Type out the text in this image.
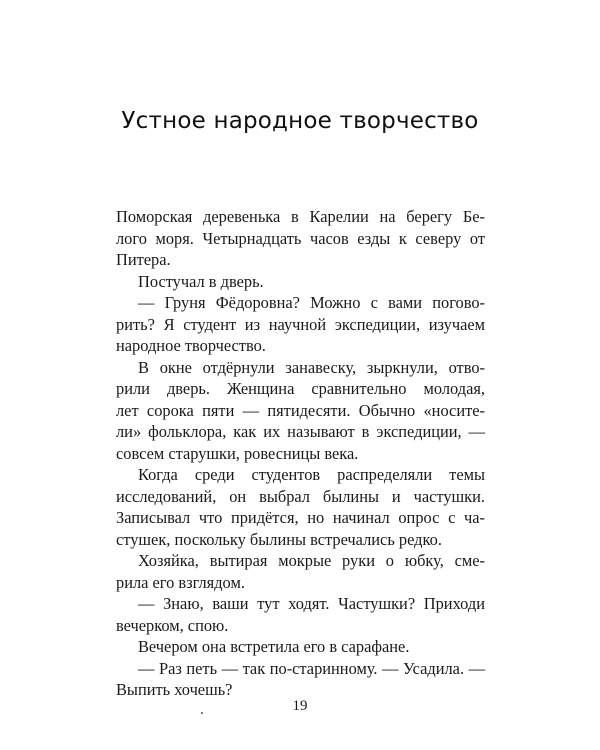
Устное народное творчество
Поморская деревенька в Карелии на берегу Бе-
лого моря. Четырнадцать часов езды к северу от
Питера.
Постучал в дверь.
— Груня Фёдоровна? Можно с вами погово-
рить? Я студент из научной экспедиции, изучаем
народное творчество.
В окне отдёрнули занавеску, зыркнули, отво-
рили дверь. Женщина сравнительно молодая,
лет сорока пяти — пятидесяти. Обычно «носите-
ли» фольклора, как их называют в экспедиции, —
совсем старушки, ровесницы века.
Когда среди студентов распределяли темы
исследований, он выбрал былины и частушки.
Записывал что придётся, но начинал опрос с ча-
стушек, поскольку былины встречались редко.
Хозяйка, вытирая мокрые руки о юбку, сме-
рила его взглядом.
— Знаю, ваши тут ходят. Частушки? Приходи
вечерком, спою.
Вечером она встретила его в сарафане.
— Раз петь — так по-старинному. — Усадила. —
Выпить хочешь?
19
